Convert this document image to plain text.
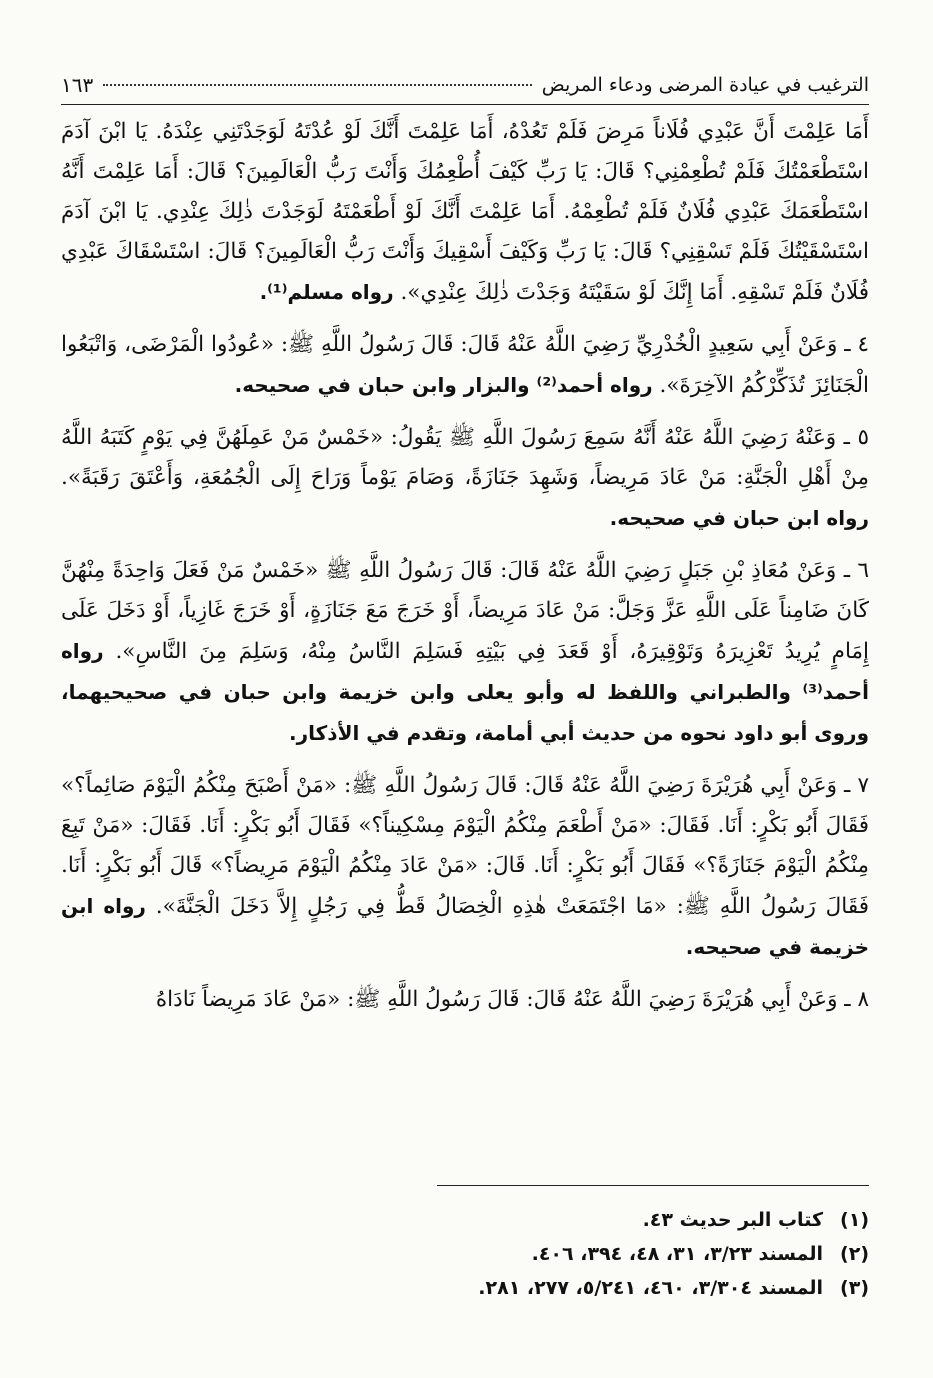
الترغيب في عيادة المرضى ودعاء المريض
١٦٣

أَمَا عَلِمْتَ أَنَّ عَبْدِي فُلَاناً مَرِضَ فَلَمْ تَعُدْهُ، أَمَا عَلِمْتَ أَنَّكَ لَوْ عُدْتَهُ لَوَجَدْتَنِي عِنْدَهُ. يَا ابْنَ آدَمَ اسْتَطْعَمْتُكَ فَلَمْ تُطْعِمْنِي؟ قَالَ: يَا رَبِّ كَيْفَ أُطْعِمُكَ وَأَنْتَ رَبُّ الْعَالَمِينَ؟ قَالَ: أَمَا عَلِمْتَ أَنَّهُ اسْتَطْعَمَكَ عَبْدِي فُلَانٌ فَلَمْ تُطْعِمْهُ. أَمَا عَلِمْتَ أَنَّكَ لَوْ أَطْعَمْتَهُ لَوَجَدْتَ ذٰلِكَ عِنْدِي. يَا ابْنَ آدَمَ اسْتَسْقَيْتُكَ فَلَمْ تَسْقِنِي؟ قَالَ: يَا رَبِّ وَكَيْفَ أَسْقِيكَ وَأَنْتَ رَبُّ الْعَالَمِينَ؟ قَالَ: اسْتَسْقَاكَ عَبْدِي فُلَانٌ فَلَمْ تَسْقِهِ. أَمَا إِنَّكَ لَوْ سَقَيْتَهُ وَجَدْتَ ذٰلِكَ عِنْدِي». رواه مسلم⁽¹⁾.

٤ ـ وَعَنْ أَبِي سَعِيدٍ الْخُدْرِيِّ رَضِيَ اللَّهُ عَنْهُ قَالَ: قَالَ رَسُولُ اللَّهِ ﷺ: «عُودُوا الْمَرْضَى، وَاتْبَعُوا الْجَنَائِزَ تُذَكِّرْكُمُ الآخِرَةَ». رواه أحمد⁽²⁾ والبزار وابن حبان في صحيحه.

٥ ـ وَعَنْهُ رَضِيَ اللَّهُ عَنْهُ أَنَّهُ سَمِعَ رَسُولَ اللَّهِ ﷺ يَقُولُ: «خَمْسٌ مَنْ عَمِلَهُنَّ فِي يَوْمٍ كَتَبَهُ اللَّهُ مِنْ أَهْلِ الْجَنَّةِ: مَنْ عَادَ مَرِيضاً، وَشَهِدَ جَنَازَةً، وَصَامَ يَوْماً وَرَاحَ إِلَى الْجُمُعَةِ، وَأَعْتَقَ رَقَبَةً». رواه ابن حبان في صحيحه.

٦ ـ وَعَنْ مُعَاذِ بْنِ جَبَلٍ رَضِيَ اللَّهُ عَنْهُ قَالَ: قَالَ رَسُولُ اللَّهِ ﷺ «خَمْسٌ مَنْ فَعَلَ وَاحِدَةً مِنْهُنَّ كَانَ ضَامِناً عَلَى اللَّهِ عَزَّ وَجَلَّ: مَنْ عَادَ مَرِيضاً، أَوْ خَرَجَ مَعَ جَنَازَةٍ، أَوْ خَرَجَ غَازِياً، أَوْ دَخَلَ عَلَى إِمَامٍ يُرِيدُ تَعْزِيرَهُ وَتَوْقِيرَهُ، أَوْ قَعَدَ فِي بَيْتِهِ فَسَلِمَ النَّاسُ مِنْهُ، وَسَلِمَ مِنَ النَّاسِ». رواه أحمد⁽³⁾ والطبراني واللفظ له وأبو يعلى وابن خزيمة وابن حبان في صحيحيهما، وروى أبو داود نحوه من حديث أبي أمامة، وتقدم في الأذكار.

٧ ـ وَعَنْ أَبِي هُرَيْرَةَ رَضِيَ اللَّهُ عَنْهُ قَالَ: قَالَ رَسُولُ اللَّهِ ﷺ: «مَنْ أَصْبَحَ مِنْكُمُ الْيَوْمَ صَائِماً؟» فَقَالَ أَبُو بَكْرٍ: أَنَا. فَقَالَ: «مَنْ أَطْعَمَ مِنْكُمُ الْيَوْمَ مِسْكِيناً؟» فَقَالَ أَبُو بَكْرٍ: أَنَا. فَقَالَ: «مَنْ تَبِعَ مِنْكُمُ الْيَوْمَ جَنَازَةً؟» فَقَالَ أَبُو بَكْرٍ: أَنَا. قَالَ: «مَنْ عَادَ مِنْكُمُ الْيَوْمَ مَرِيضاً؟» قَالَ أَبُو بَكْرٍ: أَنَا. فَقَالَ رَسُولُ اللَّهِ ﷺ: «مَا اجْتَمَعَتْ هٰذِهِ الْخِصَالُ قَطُّ فِي رَجُلٍ إِلاَّ دَخَلَ الْجَنَّةَ». رواه ابن خزيمة في صحيحه.

٨ ـ وَعَنْ أَبِي هُرَيْرَةَ رَضِيَ اللَّهُ عَنْهُ قَالَ: قَالَ رَسُولُ اللَّهِ ﷺ: «مَنْ عَادَ مَرِيضاً نَادَاهُ

(١)
كتاب البر حديث ٤٣.
(٢)
المسند ٣/٢٣، ٣١، ٤٨، ٣٩٤، ٤٠٦.
(٣)
المسند ٣/٣٠٤، ٤٦٠، ٥/٢٤١، ٢٧٧، ٢٨١.
